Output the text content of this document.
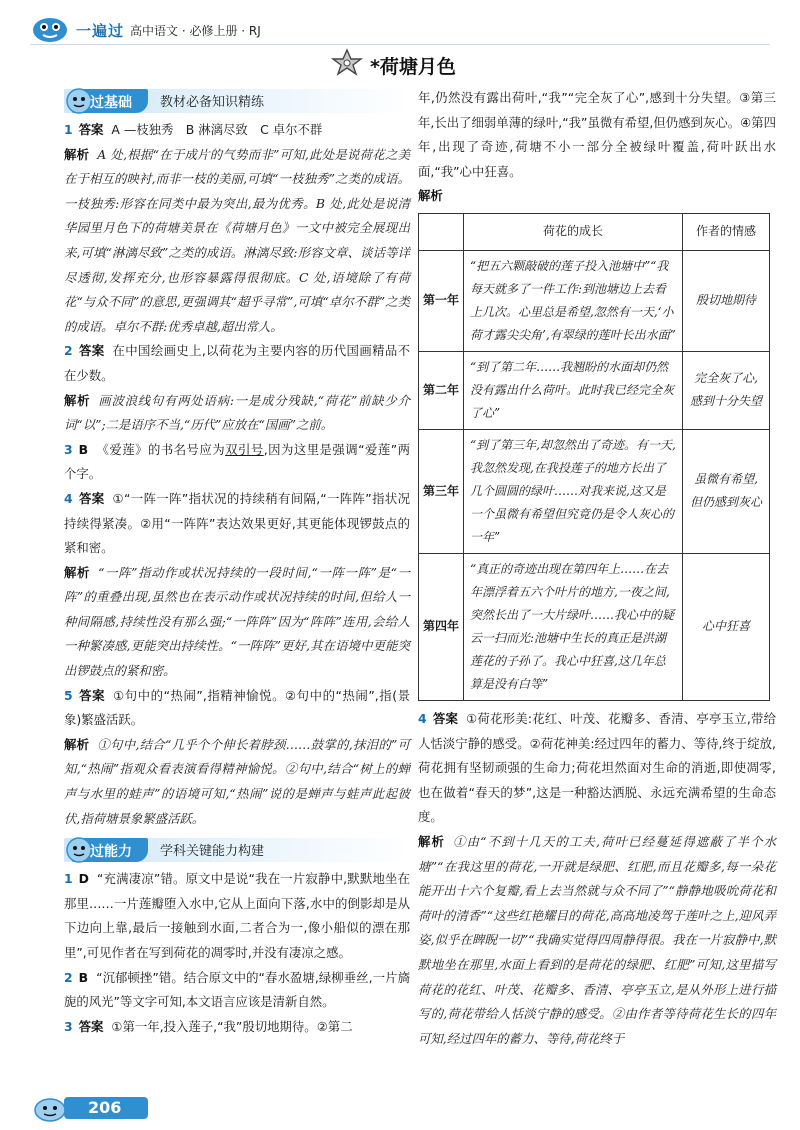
一遍过 高中语文 · 必修上册 · RJ
*荷塘月色
过基础 教材必备知识精练

1 答案 A —枝独秀　B 淋漓尽致　C 卓尔不群

解析 A 处,根据“在于成片的气势而非”可知,此处是说荷花之美在于相互的映衬,而非一枝的美丽,可填“一枝独秀”之类的成语。一枝独秀:形容在同类中最为突出,最为优秀。B 处,此处是说清华园里月色下的荷塘美景在《荷塘月色》一文中被完全展现出来,可填“淋漓尽致”之类的成语。淋漓尽致:形容文章、谈话等详尽透彻,发挥充分,也形容暴露得很彻底。C 处,语境除了有荷花“与众不同”的意思,更强调其“超乎寻常”,可填“卓尔不群”之类的成语。卓尔不群:优秀卓越,超出常人。

2 答案 在中国绘画史上,以荷花为主要内容的历代国画精品不在少数。

解析 画波浪线句有两处语病:一是成分残缺,“荷花”前缺少介词“以”;二是语序不当,“历代”应放在“国画”之前。

3 B 《爱莲》的书名号应为双引号,因为这里是强调“爱莲”两个字。

4 答案 ①“一阵一阵”指状况的持续稍有间隔,“一阵阵”指状况持续得紧凑。②用“一阵阵”表达效果更好,其更能体现锣鼓点的紧和密。

解析 “一阵”指动作或状况持续的一段时间,“一阵一阵”是“一阵”的重叠出现,虽然也在表示动作或状况持续的时间,但给人一种间隔感,持续性没有那么强;“一阵阵”因为“阵阵”连用,会给人一种繁凑感,更能突出持续性。“一阵阵”更好,其在语境中更能突出锣鼓点的紧和密。

5 答案 ①句中的“热闹”,指精神愉悦。②句中的“热闹”,指(景象)繁盛活跃。

解析 ①句中,结合“几乎个个伸长着脖颈……鼓掌的,抹泪的”可知,“热闹”指观众看表演看得精神愉悦。②句中,结合“树上的蝉声与水里的蛙声”的语境可知,“热闹”说的是蝉声与蛙声此起彼伏,指荷塘景象繁盛活跃。

过能力 学科关键能力构建

1 D “充满凄凉”错。原文中是说“我在一片寂静中,默默地坐在那里……一片莲瓣堕入水中,它从上面向下落,水中的倒影却是从下边向上靠,最后一接触到水面,二者合为一,像小船似的漂在那里”,可见作者在写到荷花的凋零时,并没有凄凉之感。

2 B “沉郁顿挫”错。结合原文中的“春水盈塘,绿柳垂丝,一片旖旎的风光”等文字可知,本文语言应该是清新自然。

3 答案 ①第一年,投入莲子,“我”殷切地期待。②第二

年,仍然没有露出荷叶,“我”“完全灰了心”,感到十分失望。③第三年,长出了细弱单薄的绿叶,“我”虽微有希望,但仍感到灰心。④第四年,出现了奇迹,荷塘不小一部分全被绿叶覆盖,荷叶跃出水面,“我”心中狂喜。

解析

	荷花的成长	作者的情感
第一年	“把五六颗敲破的莲子投入池塘中”“我每天就多了一件工作:到池塘边上去看上几次。心里总是希望,忽然有一天,‘小荷才露尖尖角’,有翠绿的莲叶长出水面”	殷切地期待
第二年	“到了第二年……我翘盼的水面却仍然没有露出什么荷叶。此时我已经完全灰了心”	完全灰了心,感到十分失望
第三年	“到了第三年,却忽然出了奇迹。有一天,我忽然发现,在我投莲子的地方长出了几个圆圆的绿叶……对我来说,这又是一个虽微有希望但究竟仍是令人灰心的一年”	虽微有希望,但仍感到灰心
第四年	“真正的奇迹出现在第四年上……在去年漂浮着五六个叶片的地方,一夜之间,突然长出了一大片绿叶……我心中的疑云一扫而光:池塘中生长的真正是洪湖莲花的子孙了。我心中狂喜,这几年总算是没有白等”	心中狂喜

4 答案 ①荷花形美:花红、叶茂、花瓣多、香清、亭亭玉立,带给人恬淡宁静的感受。②荷花神美:经过四年的蓄力、等待,终于绽放,荷花拥有坚韧顽强的生命力;荷花坦然面对生命的消逝,即使凋零,也在做着“春天的梦”,这是一种豁达洒脱、永远充满希望的生命态度。

解析 ①由“不到十几天的工夫,荷叶已经蔓延得遮蔽了半个水塘”“在我这里的荷花,一开就是绿肥、红肥,而且花瓣多,每一朵花能开出十六个复瓣,看上去当然就与众不同了”“静静地吸吮荷花和荷叶的清香”“这些红艳耀目的荷花,高高地凌驾于莲叶之上,迎风弄姿,似乎在睥睨一切”“我确实觉得四周静得很。我在一片寂静中,默默地坐在那里,水面上看到的是荷花的绿肥、红肥”可知,这里描写荷花的花红、叶茂、花瓣多、香清、亭亭玉立,是从外形上进行描写的,荷花带给人恬淡宁静的感受。②由作者等待荷花生长的四年可知,经过四年的蓄力、等待,荷花终于

206
